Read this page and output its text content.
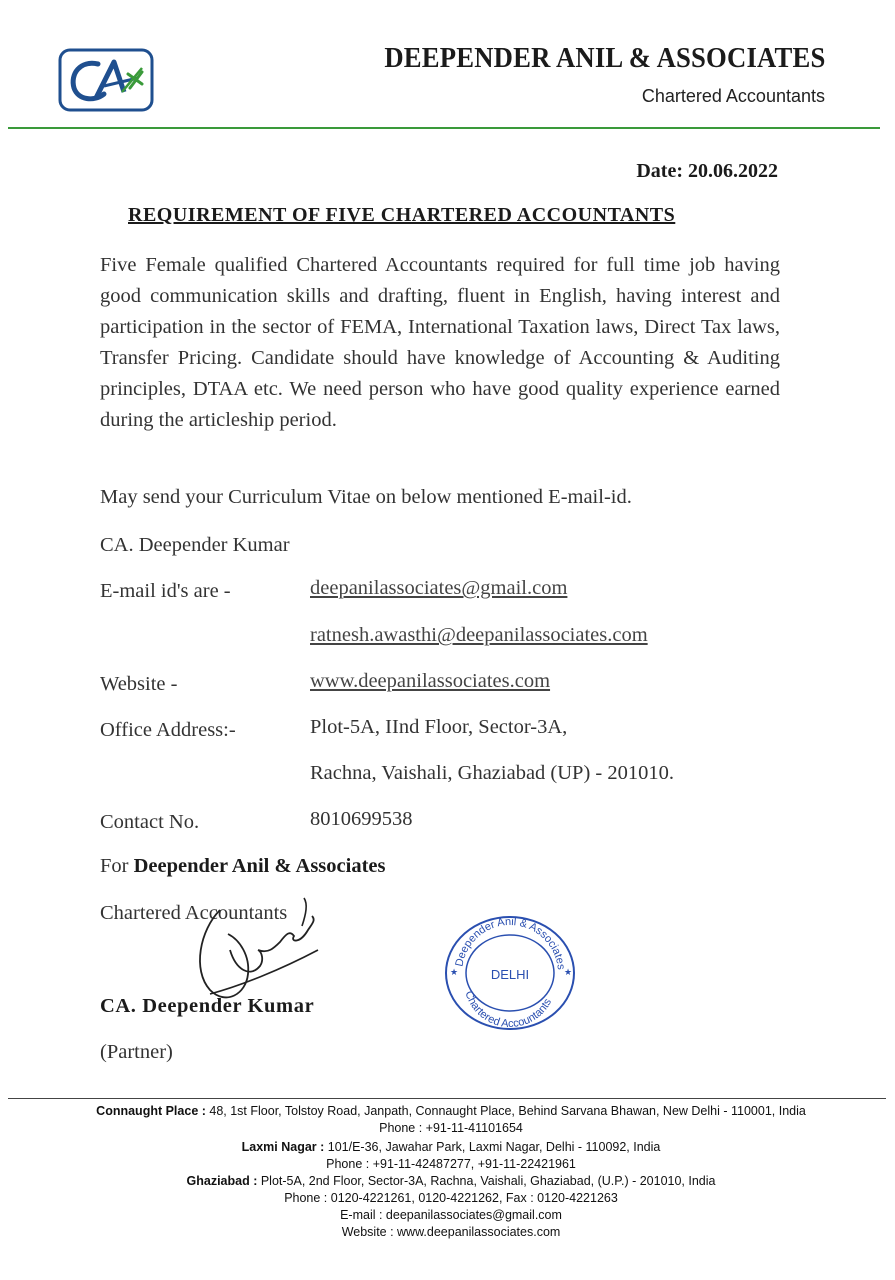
DEEPENDER ANIL & ASSOCIATES
Chartered Accountants
Date: 20.06.2022
REQUIREMENT OF FIVE CHARTERED ACCOUNTANTS

Five Female qualified Chartered Accountants required for full time job having good communication skills and drafting, fluent in English, having interest and participation in the sector of FEMA, International Taxation laws, Direct Tax laws, Transfer Pricing. Candidate should have knowledge of Accounting & Auditing principles, DTAA etc. We need person who have good quality experience earned during the articleship period.

May send your Curriculum Vitae on below mentioned E-mail-id.
CA. Deepender Kumar
E-mail id's are -	deepanilassociates@gmail.com
ratnesh.awasthi@deepanilassociates.com
Website -	www.deepanilassociates.com
Office Address:-	Plot-5A, IInd Floor, Sector-3A,
Rachna, Vaishali, Ghaziabad (UP) - 201010.
Contact No.	8010699538
For Deepender Anil & Associates
Chartered Accountants
CA. Deepender Kumar
(Partner)
Deepender Anil & Associates
Chartered Accountants
DELHI
★	★
Connaught Place : 48, 1st Floor, Tolstoy Road, Janpath, Connaught Place, Behind Sarvana Bhawan, New Delhi - 110001, India
Phone : +91-11-41101654
Laxmi Nagar : 101/E-36, Jawahar Park, Laxmi Nagar, Delhi - 110092, India
Phone : +91-11-42487277, +91-11-22421961
Ghaziabad : Plot-5A, 2nd Floor, Sector-3A, Rachna, Vaishali, Ghaziabad, (U.P.) - 201010, India
Phone : 0120-4221261, 0120-4221262, Fax : 0120-4221263
E-mail : deepanilassociates@gmail.com
Website : www.deepanilassociates.com
